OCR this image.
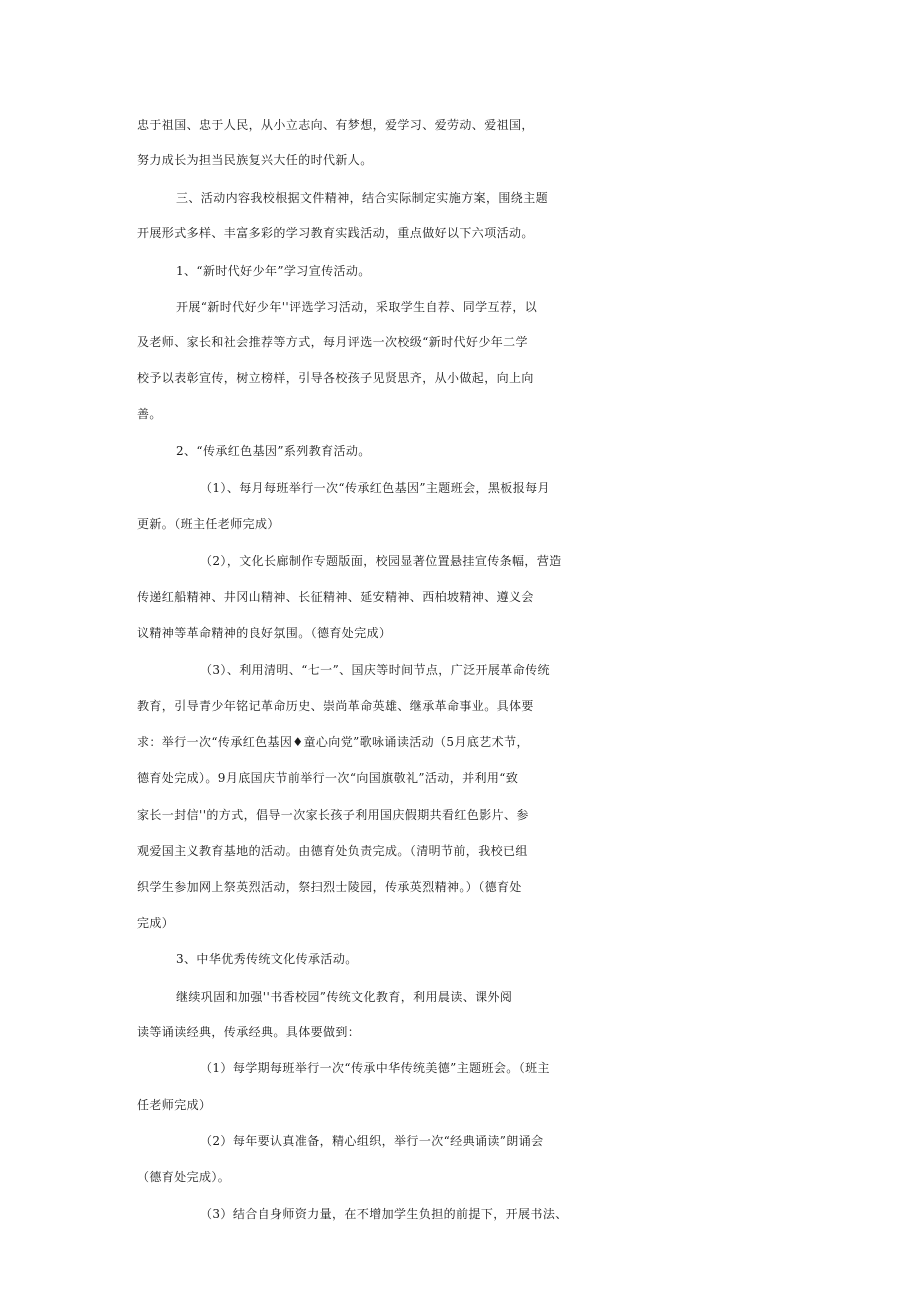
忠于祖国、忠于人民，从小立志向、有梦想，爱学习、爱劳动、爱祖国，
努力成长为担当民族复兴大任的时代新人。
三、活动内容我校根据文件精神，结合实际制定实施方案，围绕主题
开展形式多样、丰富多彩的学习教育实践活动，重点做好以下六项活动。
1、“新时代好少年”学习宣传活动。
开展“新时代好少年''评选学习活动，采取学生自荐、同学互荐，以
及老师、家长和社会推荐等方式，每月评选一次校级“新时代好少年二学
校予以表彰宣传，树立榜样，引导各校孩子见贤思齐，从小做起，向上向
善。
2、“传承红色基因”系列教育活动。
（1）、每月每班举行一次“传承红色基因”主题班会，黑板报每月
更新。（班主任老师完成）
（2），文化长廊制作专题版面，校园显著位置悬挂宣传条幅，营造
传递红船精神、井冈山精神、长征精神、延安精神、西柏坡精神、遵义会
议精神等革命精神的良好氛围。（德育处完成）
（3）、利用清明、“七一”、国庆等时间节点，广泛开展革命传统
教育，引导青少年铭记革命历史、崇尚革命英雄、继承革命事业。具体要
求：举行一次“传承红色基因♦童心向党”歌咏诵读活动（5月底艺术节，
德育处完成）。9月底国庆节前举行一次“向国旗敬礼”活动，并利用“致
家长一封信''的方式，倡导一次家长孩子利用国庆假期共看红色影片、参
观爱国主义教育基地的活动。由德育处负责完成。（清明节前，我校已组
织学生参加网上祭英烈活动，祭扫烈士陵园，传承英烈精神。）（德育处
完成）
3、中华优秀传统文化传承活动。
继续巩固和加强''书香校园”传统文化教育，利用晨读、课外阅
读等诵读经典，传承经典。具体要做到：
（1）每学期每班举行一次“传承中华传统美德”主题班会。（班主
任老师完成）
（2）每年要认真准备，精心组织，举行一次“经典诵读”朗诵会
（德育处完成）。
（3）结合自身师资力量，在不增加学生负担的前提下，开展书法、
